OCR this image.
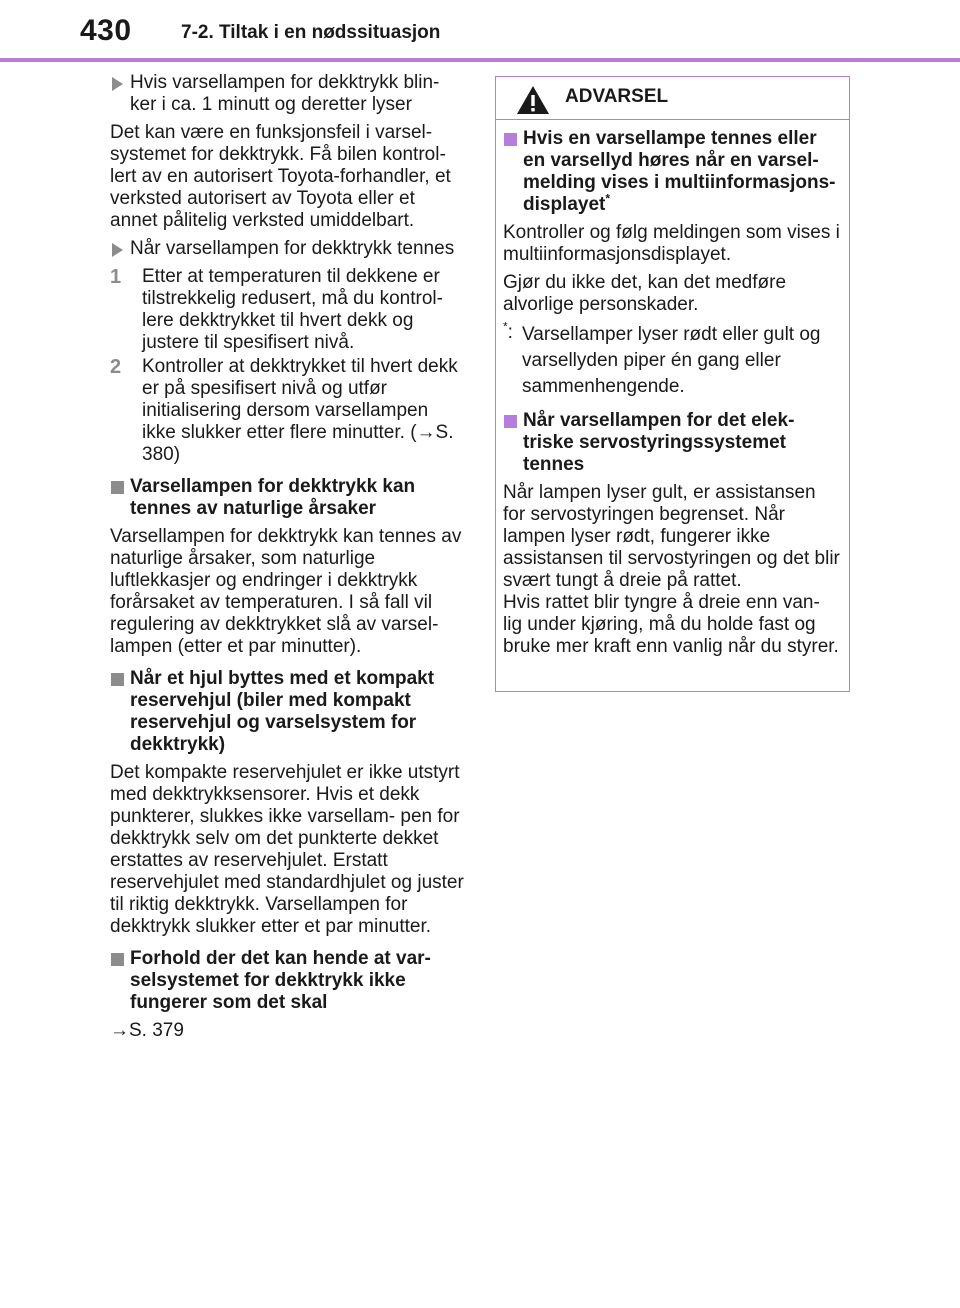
430	7-2. Tiltak i en nødssituasjon

Hvis varsellampen for dekktrykk blin- ker i ca. 1 minutt og deretter lyser

Det kan være en funksjonsfeil i varsel- systemet for dekktrykk. Få bilen kontrol- lert av en autorisert Toyota-forhandler, et verksted autorisert av Toyota eller et annet pålitelig verksted umiddelbart.

Når varsellampen for dekktrykk tennes

1 Etter at temperaturen til dekkene er tilstrekkelig redusert, må du kontrol- lere dekktrykket til hvert dekk og justere til spesifisert nivå.

2 Kontroller at dekktrykket til hvert dekk er på spesifisert nivå og utfør initialisering dersom varsellampen ikke slukker etter flere minutter. (→S. 380)

Varsellampen for dekktrykk kan tennes av naturlige årsaker

Varsellampen for dekktrykk kan tennes av naturlige årsaker, som naturlige luftlekkasjer og endringer i dekktrykk forårsaket av temperaturen. I så fall vil regulering av dekktrykket slå av varsel- lampen (etter et par minutter).

Når et hjul byttes med et kompakt reservehjul (biler med kompakt reservehjul og varselsystem for dekktrykk)

Det kompakte reservehjulet er ikke utstyrt med dekktrykksensorer. Hvis et dekk punkterer, slukkes ikke varsellam- pen for dekktrykk selv om det punkterte dekket erstattes av reservehjulet. Erstatt reservehjulet med standardhjulet og juster til riktig dekktrykk. Varsellampen for dekktrykk slukker etter et par minutter.

Forhold der det kan hende at var- selsystemet for dekktrykk ikke fungerer som det skal

→S. 379

ADVARSEL

Hvis en varsellampe tennes eller en varsellyd høres når en varsel- melding vises i multiinformasjons- displayet*

Kontroller og følg meldingen som vises i multiinformasjonsdisplayet.

Gjør du ikke det, kan det medføre alvorlige personskader.

*: Varsellamper lyser rødt eller gult og varsellyden piper én gang eller sammenhengende.

Når varsellampen for det elek- triske servostyringssystemet tennes

Når lampen lyser gult, er assistansen for servostyringen begrenset. Når lampen lyser rødt, fungerer ikke assistansen til servostyringen og det blir svært tungt å dreie på rattet.

Hvis rattet blir tyngre å dreie enn van- lig under kjøring, må du holde fast og bruke mer kraft enn vanlig når du styrer.
